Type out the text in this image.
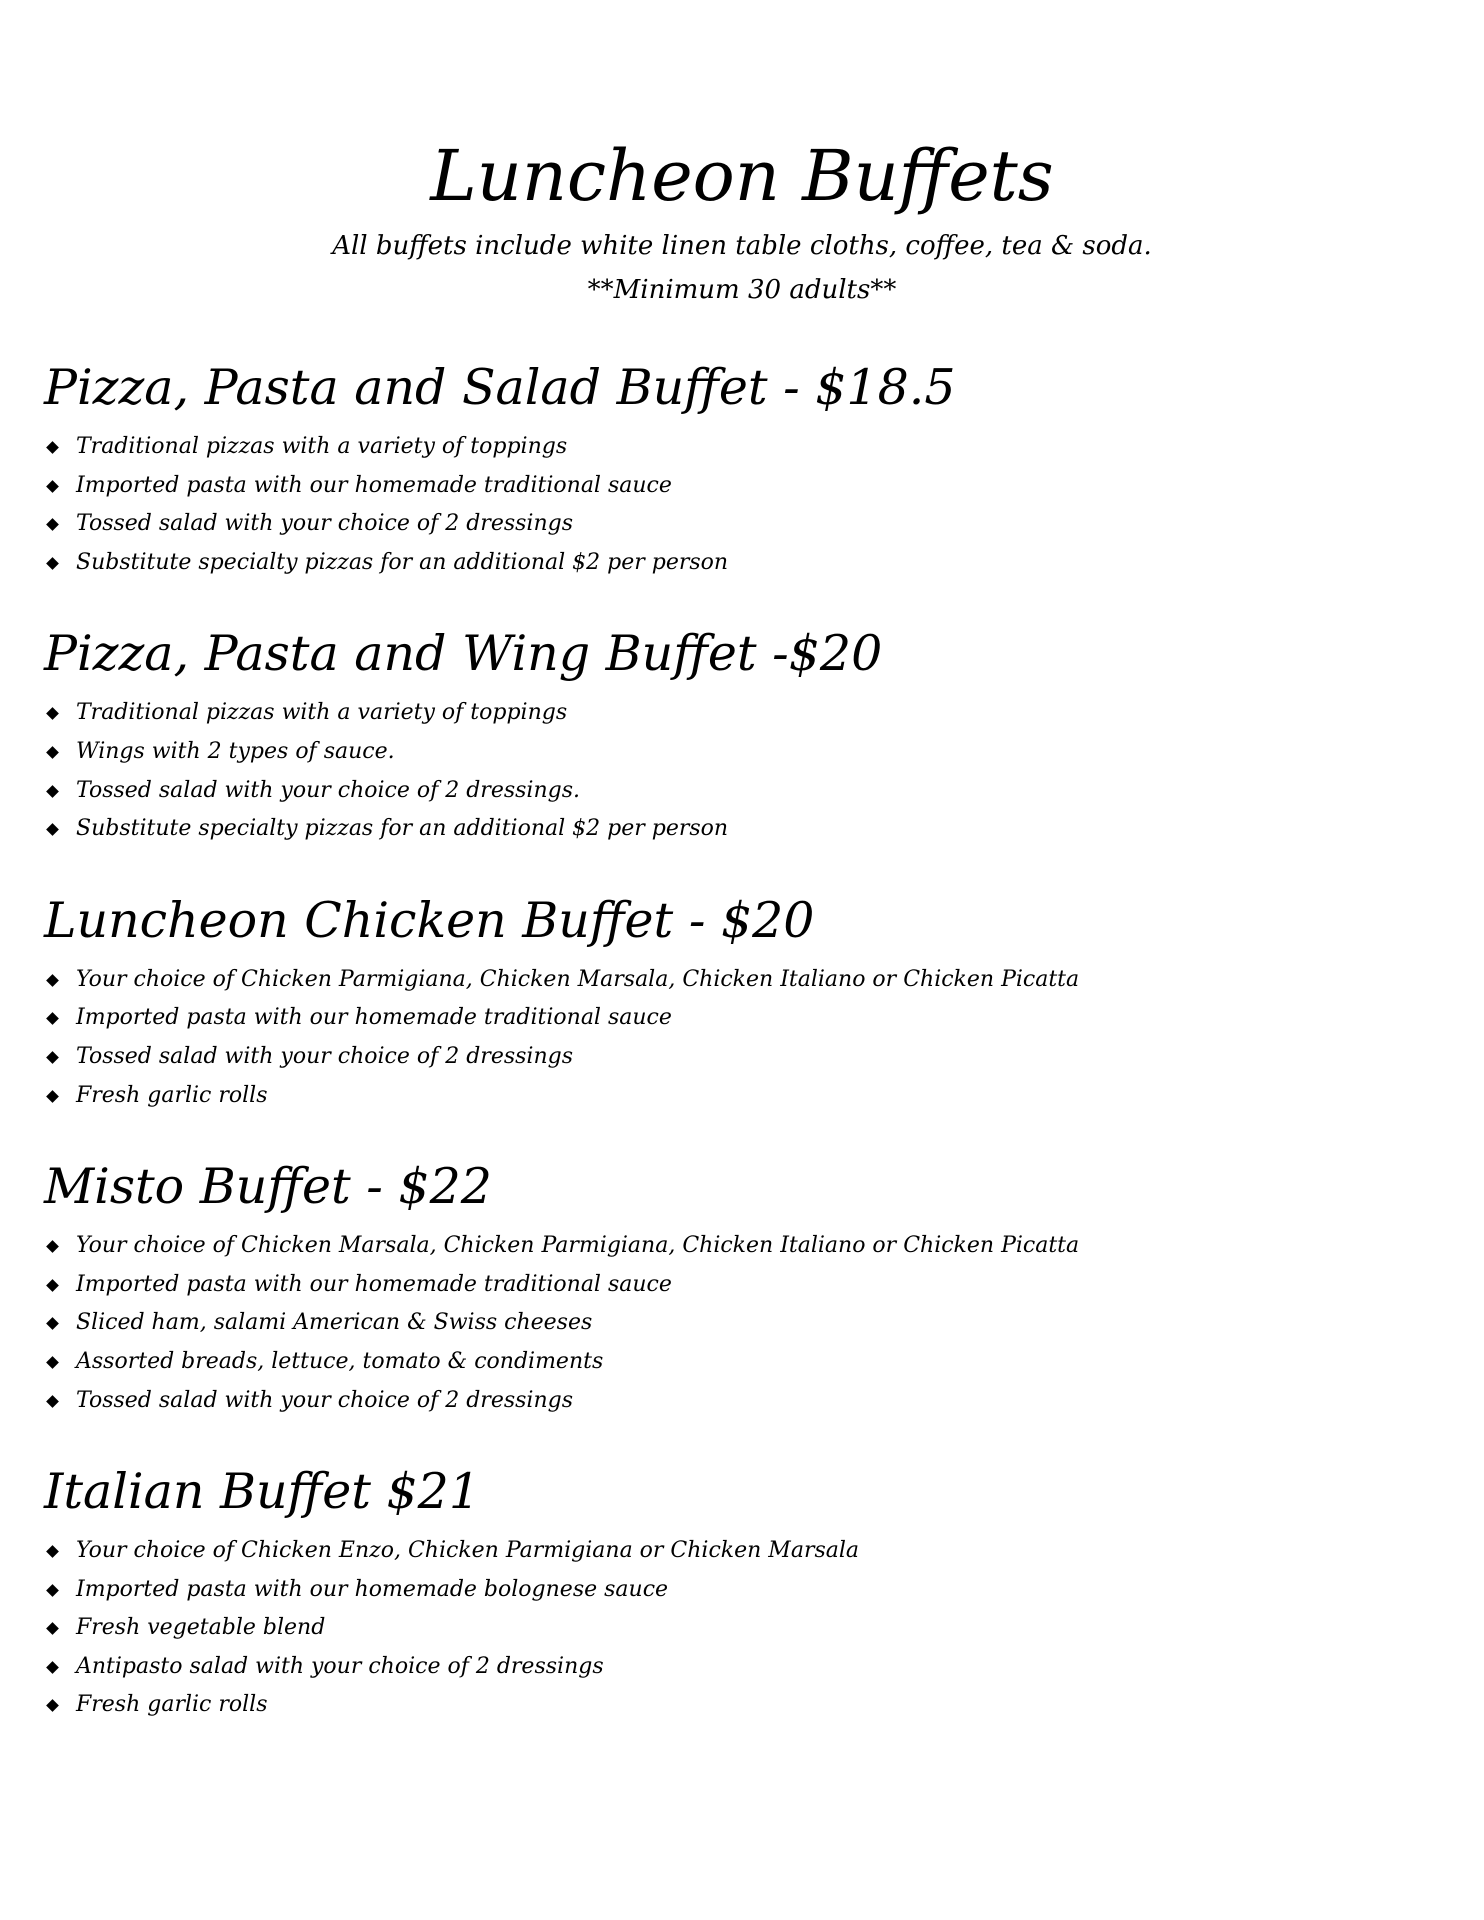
Luncheon Buffets

All buffets include white linen table cloths, coffee, tea & soda.

**Minimum 30 adults**

Pizza, Pasta and Salad Buffet - $18.5
Traditional pizzas with a variety of toppings
Imported pasta with our homemade traditional sauce
Tossed salad with your choice of 2 dressings
Substitute specialty pizzas for an additional $2 per person
Pizza, Pasta and Wing Buffet -$20
Traditional pizzas with a variety of toppings
Wings with 2 types of sauce.
Tossed salad with your choice of 2 dressings.
Substitute specialty pizzas for an additional $2 per person
Luncheon Chicken Buffet - $20
Your choice of Chicken Parmigiana, Chicken Marsala, Chicken Italiano or Chicken Picatta
Imported pasta with our homemade traditional sauce
Tossed salad with your choice of 2 dressings
Fresh garlic rolls
Misto Buffet - $22
Your choice of Chicken Marsala, Chicken Parmigiana, Chicken Italiano or Chicken Picatta
Imported pasta with our homemade traditional sauce
Sliced ham, salami American & Swiss cheeses
Assorted breads, lettuce, tomato & condiments
Tossed salad with your choice of 2 dressings
Italian Buffet $21
Your choice of Chicken Enzo, Chicken Parmigiana or Chicken Marsala
Imported pasta with our homemade bolognese sauce
Fresh vegetable blend
Antipasto salad with your choice of 2 dressings
Fresh garlic rolls
